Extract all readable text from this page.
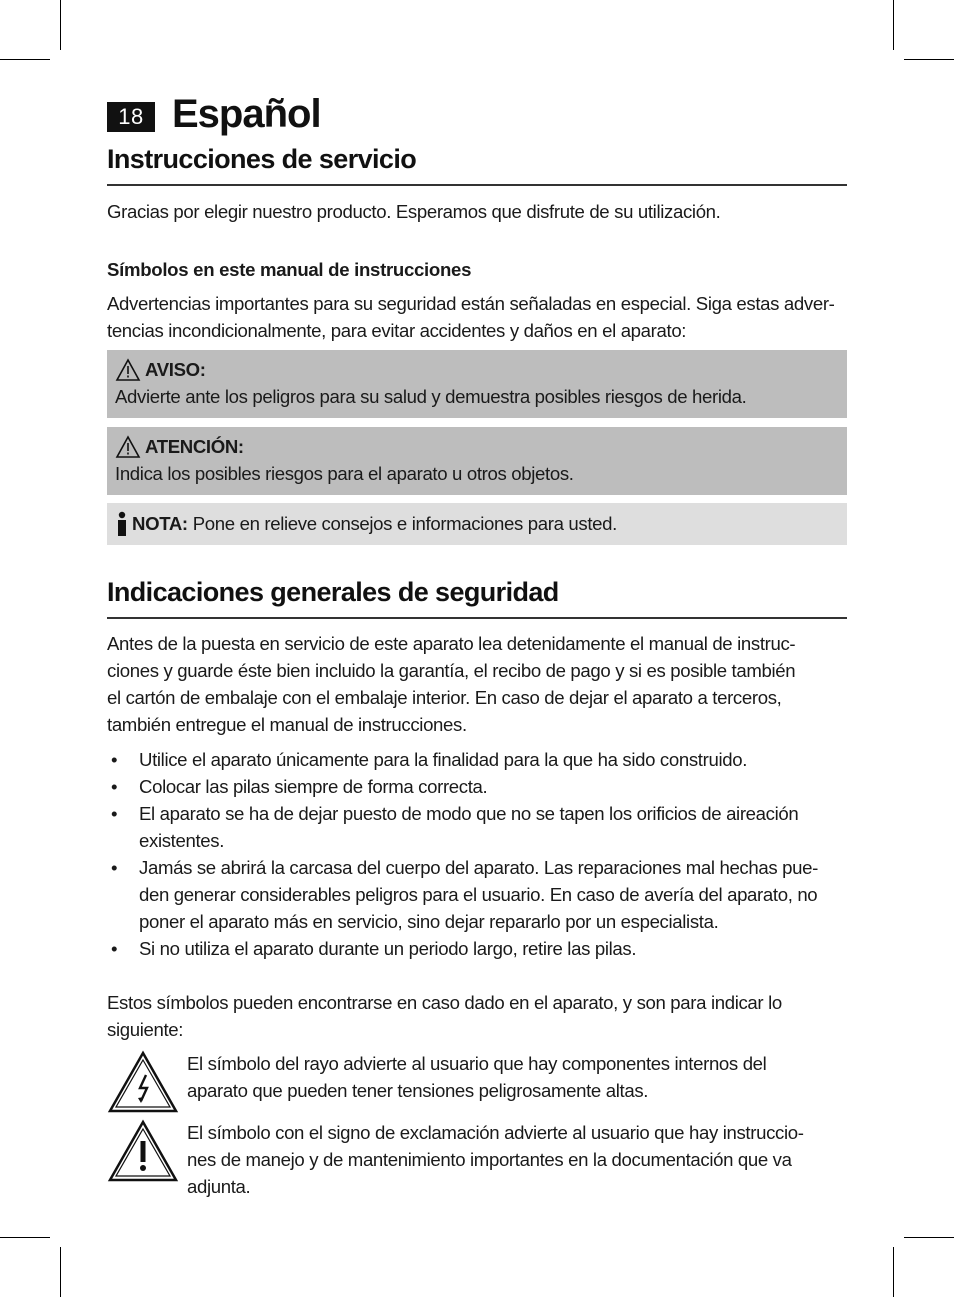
18 Español
Instrucciones de servicio

Gracias por elegir nuestro producto. Esperamos que disfrute de su utilización.

Símbolos en este manual de instrucciones
Advertencias importantes para su seguridad están señaladas en especial. Siga estas adver-
tencias incondicionalmente, para evitar accidentes y daños en el aparato:
AVISO:
Advierte ante los peligros para su salud y demuestra posibles riesgos de herida.
ATENCIÓN:
Indica los posibles riesgos para el aparato u otros objetos.
NOTA: Pone en relieve consejos e informaciones para usted.
Indicaciones generales de seguridad
Antes de la puesta en servicio de este aparato lea detenidamente el manual de instruc-
ciones y guarde éste bien incluido la garantía, el recibo de pago y si es posible también
el cartón de embalaje con el embalaje interior. En caso de dejar el aparato a terceros,
también entregue el manual de instrucciones.
• Utilice el aparato únicamente para la finalidad para la que ha sido construido.
• Colocar las pilas siempre de forma correcta.
• El aparato se ha de dejar puesto de modo que no se tapen los orificios de aireación
existentes.
• Jamás se abrirá la carcasa del cuerpo del aparato. Las reparaciones mal hechas pue-
den generar considerables peligros para el usuario. En caso de avería del aparato, no
poner el aparato más en servicio, sino dejar repararlo por un especialista.
• Si no utiliza el aparato durante un periodo largo, retire las pilas.
Estos símbolos pueden encontrarse en caso dado en el aparato, y son para indicar lo
siguiente:
El símbolo del rayo advierte al usuario que hay componentes internos del
aparato que pueden tener tensiones peligrosamente altas.
El símbolo con el signo de exclamación advierte al usuario que hay instruccio-
nes de manejo y de mantenimiento importantes en la documentación que va
adjunta.
